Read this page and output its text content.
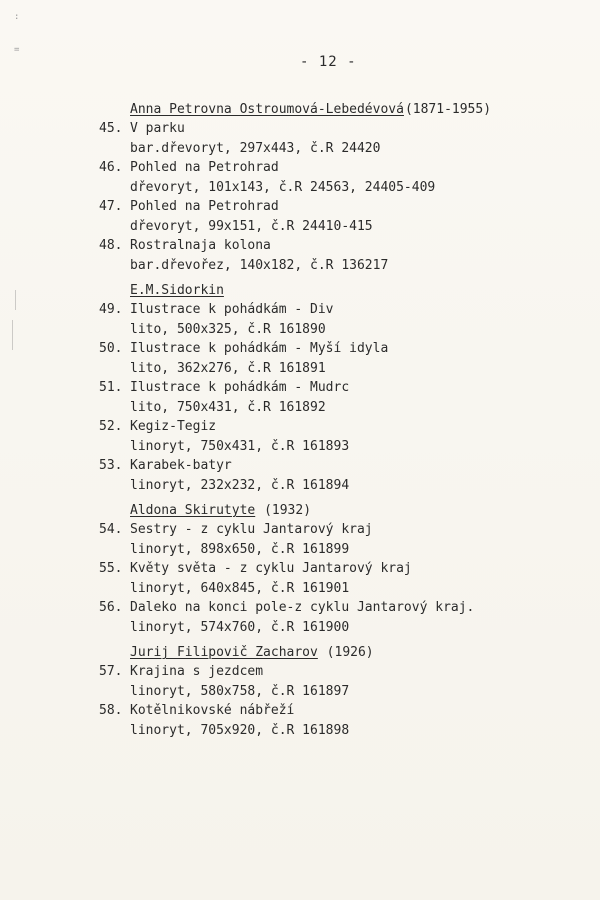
:
=
- 12 -
Anna Petrovna Ostroumová-Lebedévová(1871-1955)
45. V parku
bar.dřevoryt, 297x443, č.R 24420
46. Pohled na Petrohrad
dřevoryt, 101x143, č.R 24563, 24405-409
47. Pohled na Petrohrad
dřevoryt, 99x151, č.R 24410-415
48. Rostralnaja kolona
bar.dřevořez, 140x182, č.R 136217
E.M.Sidorkin
49. Ilustrace k pohádkám - Div
lito, 500x325, č.R 161890
50. Ilustrace k pohádkám - Myší idyla
lito, 362x276, č.R 161891
51. Ilustrace k pohádkám - Mudrc
lito, 750x431, č.R 161892
52. Kegiz-Tegiz
linoryt, 750x431, č.R 161893
53. Karabek-batyr
linoryt, 232x232, č.R 161894
Aldona Skirutyte (1932)
54. Sestry - z cyklu Jantarový kraj
linoryt, 898x650, č.R 161899
55. Květy světa - z cyklu Jantarový kraj
linoryt, 640x845, č.R 161901
56. Daleko na konci pole-z cyklu Jantarový kraj.
linoryt, 574x760, č.R 161900
Jurij Filipovič Zacharov (1926)
57. Krajina s jezdcem
linoryt, 580x758, č.R 161897
58. Kotělnikovské nábřeží
linoryt, 705x920, č.R 161898
